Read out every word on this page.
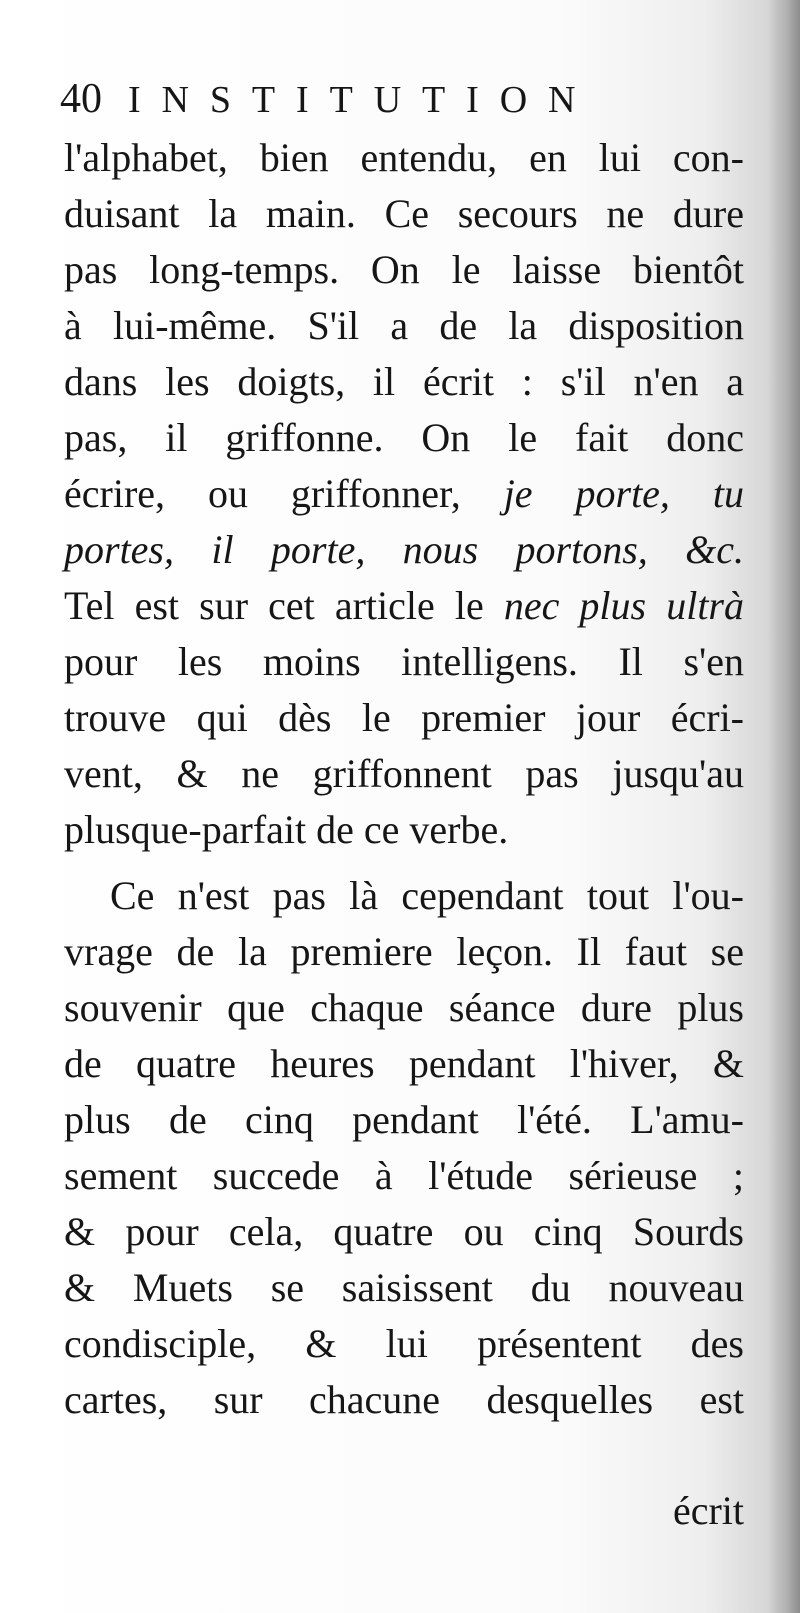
40 INSTITUTION
l'alphabet, bien entendu, en lui con-
duisant la main. Ce secours ne dure
pas long-temps. On le laisse bientôt
à lui-même. S'il a de la disposition
dans les doigts, il écrit : s'il n'en a
pas, il griffonne. On le fait donc
écrire, ou griffonner, je porte, tu
portes, il porte, nous portons, &c.
Tel est sur cet article le nec plus ultrà
pour les moins intelligens. Il s'en
trouve qui dès le premier jour écri-
vent, & ne griffonnent pas jusqu'au
plusque-parfait de ce verbe.
Ce n'est pas là cependant tout l'ou-
vrage de la premiere leçon. Il faut se
souvenir que chaque séance dure plus
de quatre heures pendant l'hiver, &
plus de cinq pendant l'été. L'amu-
sement succede à l'étude sérieuse ;
& pour cela, quatre ou cinq Sourds
& Muets se saisissent du nouveau
condisciple, & lui présentent des
cartes, sur chacune desquelles est
écrit
